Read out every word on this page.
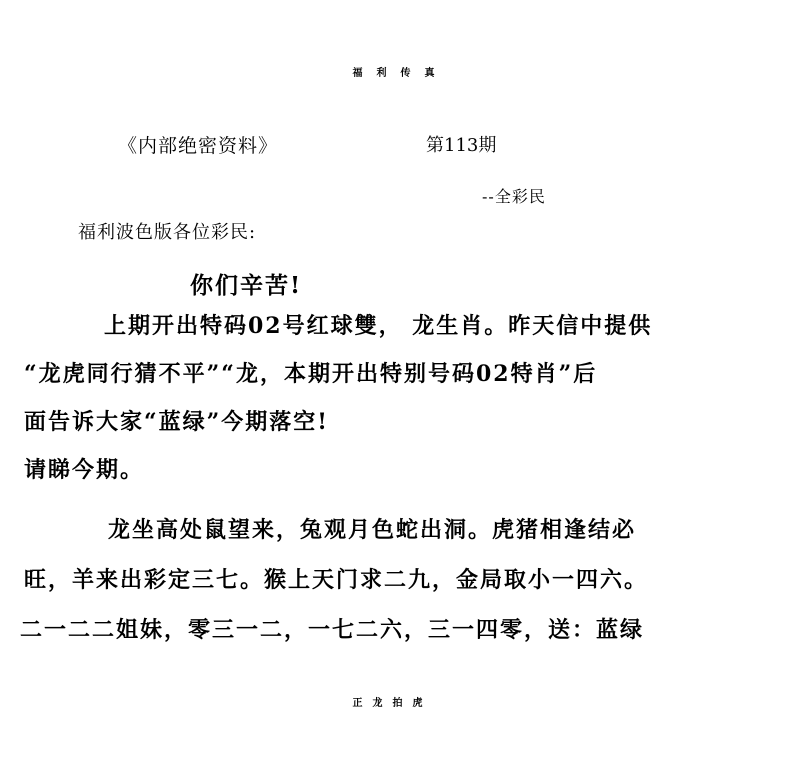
福利传真
《内部绝密资料》	第113期
--全彩民
福利波色版各位彩民:
你们辛苦!
上期开出特码02号红球雙， 龙生肖。昨天信中提供
“龙虎同行猜不平”“龙，本期开出特别号码02特肖”后
面告诉大家“蓝绿”今期落空!
请睇今期。
龙坐高处鼠望来，兔观月色蛇出洞。虎猪相逢结必
旺，羊来出彩定三七。猴上天门求二九，金局取小一四六。
二一二二姐妹，零三一二，一七二六，三一四零，送：蓝绿
正龙拍虎
